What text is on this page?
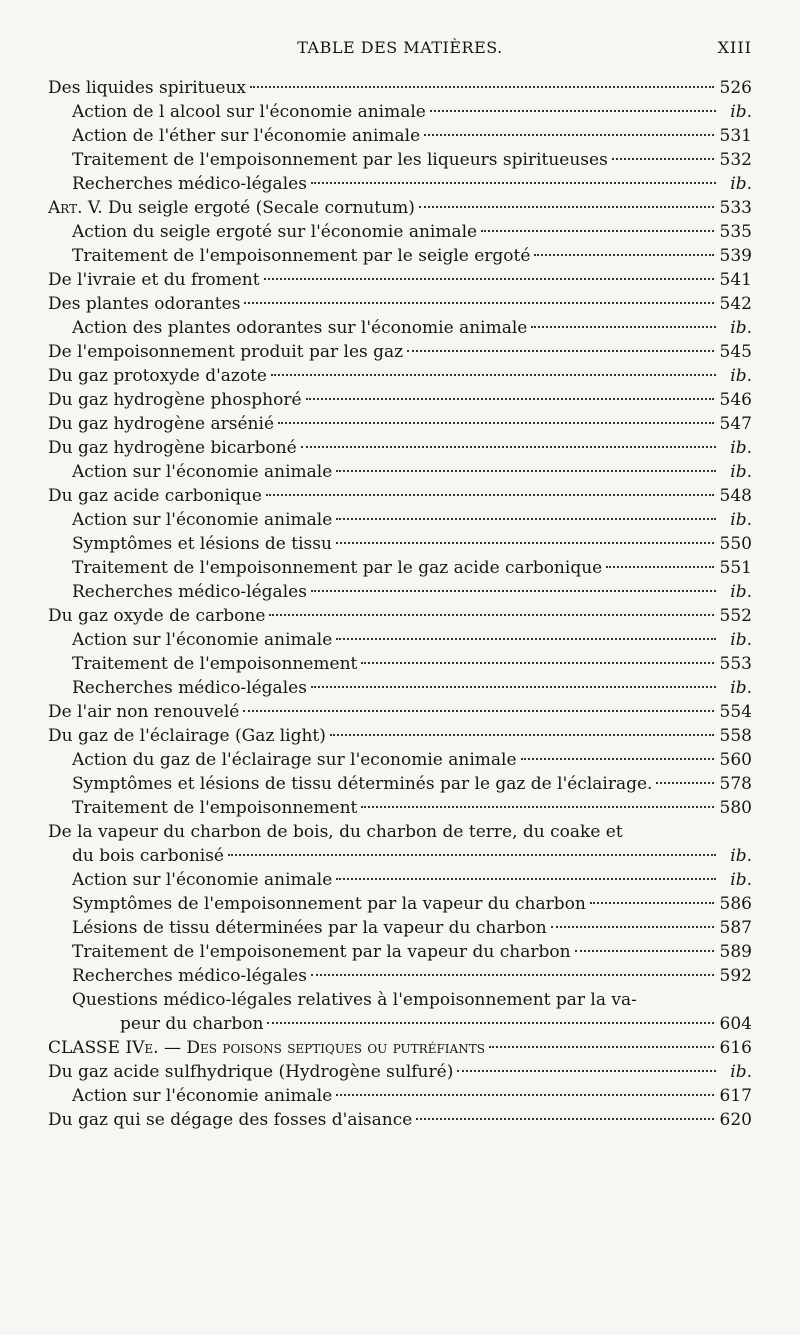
TABLE DES MATIÈRES.	XIII
Des liquides spiritueux	526
Action de l alcool sur l'économie animale	ib.
Action de l'éther sur l'économie animale	531
Traitement de l'empoisonnement par les liqueurs spiritueuses	532
Recherches médico-légales	ib.
Art. V. Du seigle ergoté (Secale cornutum)	533
Action du seigle ergoté sur l'économie animale	535
Traitement de l'empoisonnement par le seigle ergoté	539
De l'ivraie et du froment	541
Des plantes odorantes	542
Action des plantes odorantes sur l'économie animale	ib.
De l'empoisonnement produit par les gaz	545
Du gaz protoxyde d'azote	ib.
Du gaz hydrogène phosphoré	546
Du gaz hydrogène arsénié	547
Du gaz hydrogène bicarboné	ib.
Action sur l'économie animale	ib.
Du gaz acide carbonique	548
Action sur l'économie animale	ib.
Symptômes et lésions de tissu	550
Traitement de l'empoisonnement par le gaz acide carbonique	551
Recherches médico-légales	ib.
Du gaz oxyde de carbone	552
Action sur l'économie animale	ib.
Traitement de l'empoisonnement	553
Recherches médico-légales	ib.
De l'air non renouvelé	554
Du gaz de l'éclairage (Gaz light)	558
Action du gaz de l'éclairage sur l'economie animale	560
Symptômes et lésions de tissu déterminés par le gaz de l'éclairage.	578
Traitement de l'empoisonnement	580
De la vapeur du charbon de bois, du charbon de terre, du coake et
du bois carbonisé	ib.
Action sur l'économie animale	ib.
Symptômes de l'empoisonnement par la vapeur du charbon	586
Lésions de tissu déterminées par la vapeur du charbon	587
Traitement de l'empoisonement par la vapeur du charbon	589
Recherches médico-légales	592
Questions médico-légales relatives à l'empoisonnement par la va-
peur du charbon	604
CLASSE IVe. — Des poisons septiques ou putréfiants	616
Du gaz acide sulfhydrique (Hydrogène sulfuré)	ib.
Action sur l'économie animale	617
Du gaz qui se dégage des fosses d'aisance	620
